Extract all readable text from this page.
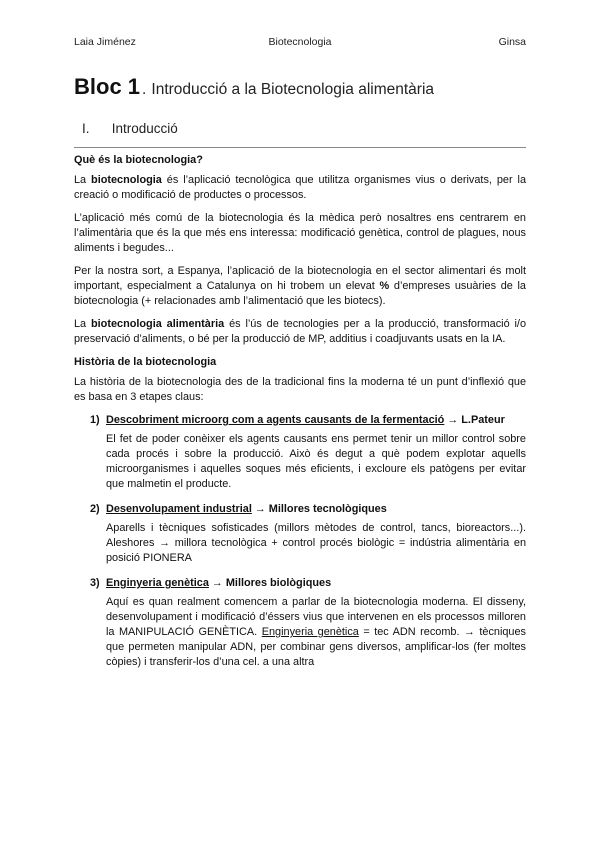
Laia Jiménez	Biotecnologia	Ginsa
Bloc 1 . Introducció a la Biotecnologia alimentària
I. Introducció
Què és la biotecnologia?

La biotecnologia és l’aplicació tecnològica que utilitza organismes vius o derivats, per la creació o modificació de productes o processos.

L’aplicació més comú de la biotecnologia és la mèdica però nosaltres ens centrarem en l’alimentària que és la que més ens interessa: modificació genètica, control de plagues, nous aliments i begudes...

Per la nostra sort, a Espanya, l’aplicació de la biotecnologia en el sector alimentari és molt important, especialment a Catalunya on hi trobem un elevat % d’empreses usuàries de la biotecnologia (+ relacionades amb l’alimentació que les biotecs).

La biotecnologia alimentària és l’ús de tecnologies per a la producció, transformació i/o preservació d’aliments, o bé per la producció de MP, additius i coadjuvants usats en la IA.

Història de la biotecnologia

La història de la biotecnologia des de la tradicional fins la moderna té un punt d’inflexió que es basa en 3 etapes claus:

1) Descobriment microorg com a agents causants de la fermentació → L.Pateur
El fet de poder conèixer els agents causants ens permet tenir un millor control sobre cada procés i sobre la producció. Això és degut a què podem explotar aquells microorganismes i aquelles soques més eficients, i excloure els patògens per evitar que malmetin el producte.
2) Desenvolupament industrial → Millores tecnològiques
Aparells i tècniques sofisticades (millors mètodes de control, tancs, bioreactors...). Aleshores → millora tecnològica + control procés biològic = indústria alimentària en posició PIONERA
3) Enginyeria genètica → Millores biològiques
Aquí es quan realment comencem a parlar de la biotecnologia moderna. El disseny, desenvolupament i modificació d’éssers vius que intervenen en els processos milloren la MANIPULACIÓ GENÈTICA. Enginyeria genètica = tec ADN recomb. → tècniques que permeten manipular ADN, per combinar gens diversos, amplificar-los (fer moltes còpies) i transferir-los d’una cel. a una altra
